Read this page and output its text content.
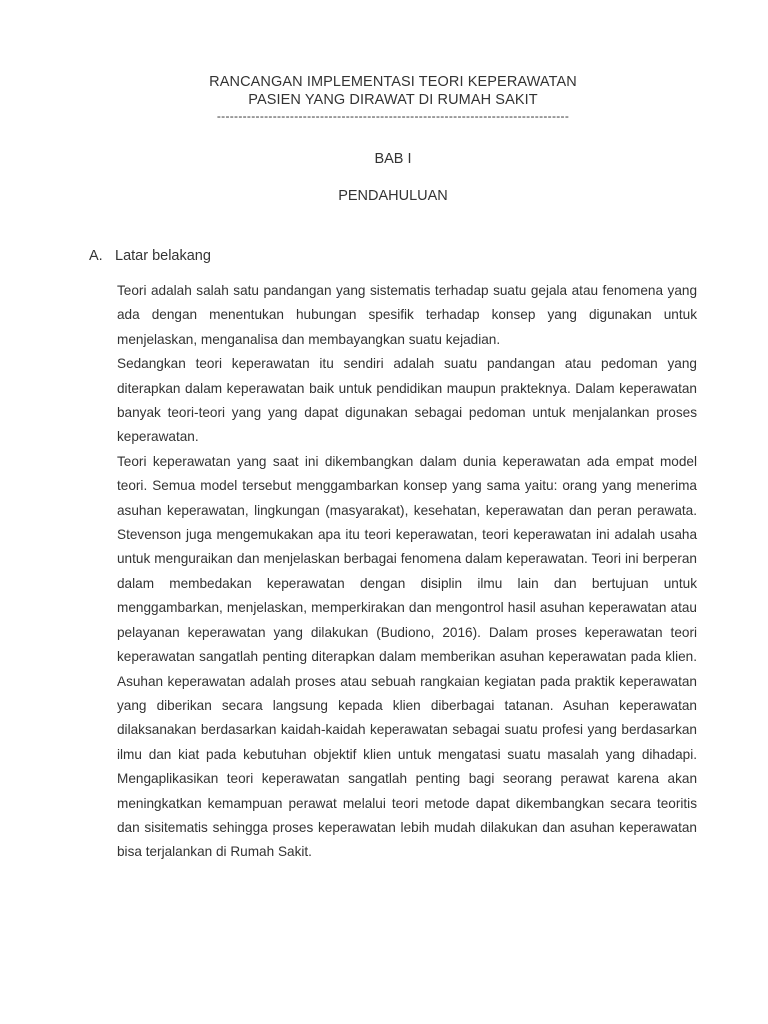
RANCANGAN IMPLEMENTASI TEORI KEPERAWATAN
PASIEN YANG DIRAWAT DI RUMAH SAKIT
----------------------------------------------------------------------------------
BAB I
PENDAHULUAN
A. Latar belakang

Teori adalah salah satu pandangan yang sistematis terhadap suatu gejala atau fenomena yang ada dengan menentukan hubungan spesifik terhadap konsep yang digunakan untuk menjelaskan, menganalisa dan membayangkan suatu kejadian.

Sedangkan teori keperawatan itu sendiri adalah suatu pandangan atau pedoman yang diterapkan dalam keperawatan baik untuk pendidikan maupun prakteknya. Dalam keperawatan banyak teori-teori yang yang dapat digunakan sebagai pedoman untuk menjalankan proses keperawatan.

Teori keperawatan yang saat ini dikembangkan dalam dunia keperawatan ada empat model teori. Semua model tersebut menggambarkan konsep yang sama yaitu: orang yang menerima asuhan keperawatan, lingkungan (masyarakat), kesehatan, keperawatan dan peran perawata. Stevenson juga mengemukakan apa itu teori keperawatan, teori keperawatan ini adalah usaha untuk menguraikan dan menjelaskan berbagai fenomena dalam keperawatan. Teori ini berperan dalam membedakan keperawatan dengan disiplin ilmu lain dan bertujuan untuk menggambarkan, menjelaskan, memperkirakan dan mengontrol hasil asuhan keperawatan atau pelayanan keperawatan yang dilakukan (Budiono, 2016). Dalam proses keperawatan teori keperawatan sangatlah penting diterapkan dalam memberikan asuhan keperawatan pada klien. Asuhan keperawatan adalah proses atau sebuah rangkaian kegiatan pada praktik keperawatan yang diberikan secara langsung kepada klien diberbagai tatanan. Asuhan keperawatan dilaksanakan berdasarkan kaidah-kaidah keperawatan sebagai suatu profesi yang berdasarkan ilmu dan kiat pada kebutuhan objektif klien untuk mengatasi suatu masalah yang dihadapi. Mengaplikasikan teori keperawatan sangatlah penting bagi seorang perawat karena akan meningkatkan kemampuan perawat melalui teori metode dapat dikembangkan secara teoritis dan sisitematis sehingga proses keperawatan lebih mudah dilakukan dan asuhan keperawatan bisa terjalankan di Rumah Sakit.
